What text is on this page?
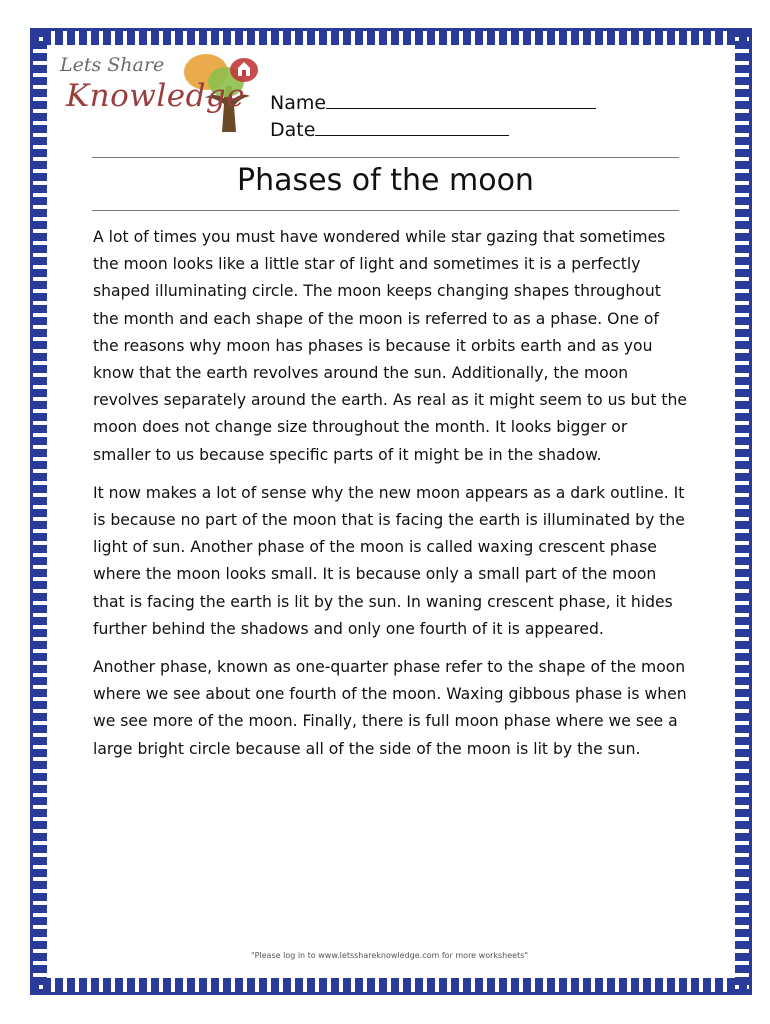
Lets Share
Knowledge Name
Date
Phases of the moon

A lot of times you must have wondered while star gazing that sometimes the moon looks like a little star of light and sometimes it is a perfectly shaped illuminating circle. The moon keeps changing shapes throughout the month and each shape of the moon is referred to as a phase. One of the reasons why moon has phases is because it orbits earth and as you know that the earth revolves around the sun. Additionally, the moon revolves separately around the earth. As real as it might seem to us but the moon does not change size throughout the month. It looks bigger or smaller to us because specific parts of it might be in the shadow.

It now makes a lot of sense why the new moon appears as a dark outline. It is because no part of the moon that is facing the earth is illuminated by the light of sun. Another phase of the moon is called waxing crescent phase where the moon looks small. It is because only a small part of the moon that is facing the earth is lit by the sun. In waning crescent phase, it hides further behind the shadows and only one fourth of it is appeared.

Another phase, known as one-quarter phase refer to the shape of the moon where we see about one fourth of the moon. Waxing gibbous phase is when we see more of the moon. Finally, there is full moon phase where we see a large bright circle because all of the side of the moon is lit by the sun.

"Please log in to www.letsshareknowledge.com for more worksheets"
